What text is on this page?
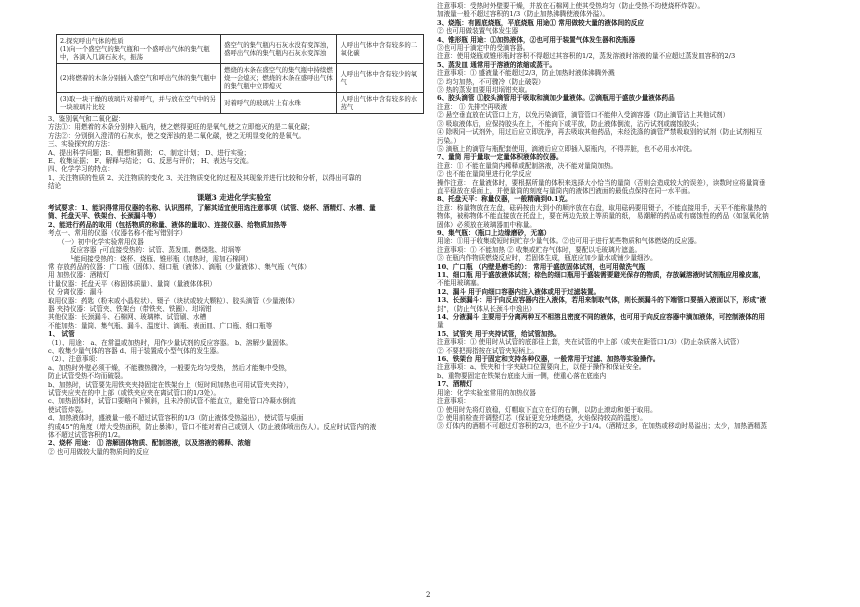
2.探究呼出气体的性质
(1)向一个盛空气的集气瓶和一个盛呼出气体的集气瓶中，各滴入几滴石灰水，振荡	盛空气的集气瓶内石灰水没有变浑浊，
盛呼出气体的集气瓶内石灰水变浑浊	人呼出气体中含有较多的二氧化碳
(2)将燃着的木条分别插入盛空气和呼出气体的集气瓶中	燃烧的木条在盛空气的集气瓶中持续燃烧一会熄灭；燃烧的木条在盛呼出气体的集气瓶中立即熄灭	人呼出气体中含有较少的氧气
(3)取一块干燥的玻璃片对着呼气，并与放在空气中的另一块玻璃片比较	对着呼气的玻璃片上有水珠	人呼出气体中含有较多的水蒸气
3、鉴别氧气和二氧化碳：
方法①：用燃着的木条分别伸入瓶内，使之燃得更旺的是氧气,使之立即熄灭的是二氧化碳；
方法②：分别倒入澄清的石灰水，使之变浑浊的是二氧化碳，使之无明显变化的是氧气。
三、实验探究的方法：
A、提出科学问题；B、假想和猜测； C、制定计划； D、进行实验；
E、收集证据； F、解释与结论； G、反思与评价； H、表达与交流。
四、化学学习的特点：
1、关注物质的性质 2、关注物质的变化 3、关注物质变化的过程及其现象并进行比较和分析，以得出可靠的
结论
课题3 走进化学实验室
考试要求：1、能识得常用仪器的名称、认识图样，了解其适宜使用选注意事项（试管、烧杯、酒精灯、水槽、量
筒、托盘天平、铁架台、长颈漏斗等）
2、能进行药品的取用（包括物质的称量、液体的量取）、连接仪器、给物质加热等
考点一、常用的仪器（仪器名称不能写错别字）
（一）初中化学实验常用仪器
反应容器 ┌可直接受热的：试管、蒸发皿、燃烧匙、坩埚等
└能间接受热的：烧杯、烧瓶、锥形瓶（加热时，需加石棉网）
常 存放药品的仪器：广口瓶（固体）、细口瓶（液体）、滴瓶（少量液体）、集气瓶（气体）
用 加热仪器：酒精灯
计量仪器：托盘天平（称固体质量）、量筒（量液体体积）
仪 分离仪器：漏斗
取用仪器：药匙（粉末或小晶粒状）、镊子（块状或较大颗粒）、胶头滴管（少量液体）
器 夹持仪器：试管夹、铁架台（带铁夹、铁圈）、坩埚钳
其他仪器：长颈漏斗、石棉网、玻璃棒、试管刷、水槽
不能加热：量筒、集气瓶、漏斗、温度计、滴瓶、表面皿、广口瓶、细口瓶等
1、 试管
（1）、用途： a、在常温或加热时，用作少量试剂的反应容器。 b、溶解少量固体。
c、收集少量气体的容器 d、用于装置成小型气体的发生器。
（2）、注意事项：
a、加热时外壁必须干燥，不能骤热骤冷，一般要先均匀受热， 然后才能集中受热，
防止试管受热不均而破裂。
b、加热时，试管要先用铁夹夹持固定在铁架台上（短时间加热也可用试管夹夹持），
试管夹应夹在的中上部（或铁夹应夹在离试管口的1/3处）。
c、加热固体时，试管口要略向下倾斜，且未冷前试管不能直立，避免管口冷凝水倒流
使试管炸裂。
d、加热液体时，盛液量一般不超过试管容积的1/3（防止液体受热溢出），使试管与桌面
约成45°的角度（增大受热面积，防止暴沸），管口不能对着自己或别人（防止液体喷出伤人）。反应时试管内的液
体不超过试管容积的1/2。
2、烧杯 用途： ① 溶解固体物质、配制溶液，以及溶液的稀释、浓缩
② 也可用做较大量的物质间的反应
注意事项：受热时外壁要干燥，并放在石棉网上使其受热均匀（防止受热不均使烧杯炸裂）。
加液量一般不超过容积的1/3（防止加热沸腾使液体外溢）。
3、烧瓶：有圆底烧瓶，平底烧瓶 用途① 常用做较大量的液体间的反应
② 也可用做装置气体发生器
4、锥形瓶 用途：①加热液体，②也可用于装置气体发生器和洗瓶器
③也可用于滴定中的受滴容器。
注意：使用烧瓶或锥形瓶时容积不得超过其容积的1/2，蒸发溶液时溶液的量不应超过蒸发皿容积的2/3
5、蒸发皿 通常用于溶液的浓缩或蒸干。
注意事项：① 盛液量不能超过2/3，防止加热时液体沸腾外溅
② 均匀加热，不可骤冷（防止破裂）
③ 热的蒸发皿要用坩埚钳夹取。
6、胶头滴管 ①胶头滴管用于吸取和滴加少量液体。②滴瓶用于盛放少量液体药品
注意： ① 先排空再吸液
② 悬空垂直放在试管口上方，以免污染滴管，滴管管口不能伸入受滴容器（防止滴管沾上其他试剂）
③ 吸取液体后，应保持胶头在上，不能向下或平放，防止液体倒流，沾污试剂或腐蚀胶头；
④ 除吸同一试剂外，用过后应立即洗净，再去吸取其他药品，未经洗涤的滴管严禁吸取别的试剂（防止试剂相互
污染。）
⑤ 滴瓶上的滴管与瓶配套使用，滴液后应立即插入原瓶内，不得弄脏，也不必用水冲洗。
7、量筒 用于量取一定量体积液体的仪器。
注意：① 不能在量筒内稀释或配制溶液，决不能对量筒加热。
② 也不能在量筒里进行化学反应
操作注意： 在量液体时，要根据所量的体积来选择大小恰当的量筒（否则会造成较大的误差），读数时应将量筒垂
直平稳放在桌面上，并使量筒的刻度与量筒内的液体凹液面的最低点保持在同一水平面。
8、托盘天平：称量仪器，一般精确到0.1克。
注意：称量物放在左盘，砝码按由大到小的顺序放在右盘，取用砝码要用镊子，不能直接用手，天平不能称量热的
物体，被称物体不能直接放在托盘上，要在两边先放上等质量的纸， 易潮解的药品或有腐蚀性的药品（如氢氧化钠
固体）必须放在玻璃器皿中称量。
9、集气瓶：（瓶口上边缘磨砂，无塞）
用途：①用于收集或短时间贮存少量气体。②也可用于进行某些物质和气体燃烧的反应器。
注意事项：① 不能加热 ② 收集或贮存气体时，要配以毛玻璃片遮盖。
③ 在瓶内作物质燃烧反应时，若固体生成，瓶底应加少量水或铺少量细沙。
10、广口瓶 （内壁是磨毛的）： 常用于盛放固体试剂，也可用做洗气瓶
11、细口瓶 用于盛放液体试剂；棕色的细口瓶用于盛装需要避光保存的物质，存放碱溶液时试剂瓶应用橡皮塞，
不能用玻璃塞。
12、漏斗 用于向细口容器内注入液体或用于过滤装置。
13、长颈漏斗：用于向反应容器内注入液体，若用来制取气体，则长颈漏斗的下端管口要插入液面以下，形成"液
封"，（防止气体从长颈斗中逸出）
14、分液漏斗 主要用于分离两种互不相溶且密度不同的液体，也可用于向反应容器中滴加液体，可控制液体的用
量
15、试管夹 用于夹持试管，给试管加热。
注意事项：① 使用时从试管的底部往上套，夹在试管的中上部（或夹在距管口1/3）（防止杂质落入试管）
② 不要把拇指按在试管夹短柄上。
16、铁架台 用于固定和支持各种仪器，一般常用于过滤、加热等实验操作。
注意事项：a、铁夹和十字夹缺口位置要向上，以便于操作和保证安全。
b、重物要固定在铁架台底座大面一侧，使重心落在底座内
17、酒精灯
用途：化学实验室常用的加热仪器
注意事项：
① 使用时先将灯放稳，灯帽取下直立在灯的右侧，以防止滚动和便于取用。
② 使用前检查并调整灯芯（保证更充分地燃烧，火焰保持较高的温度）。
③ 灯体内的酒精不可超过灯容积的2/3，也不应少于1/4。（酒精过多，在加热或移动时易溢出；太少，加热酒精蒸
2
